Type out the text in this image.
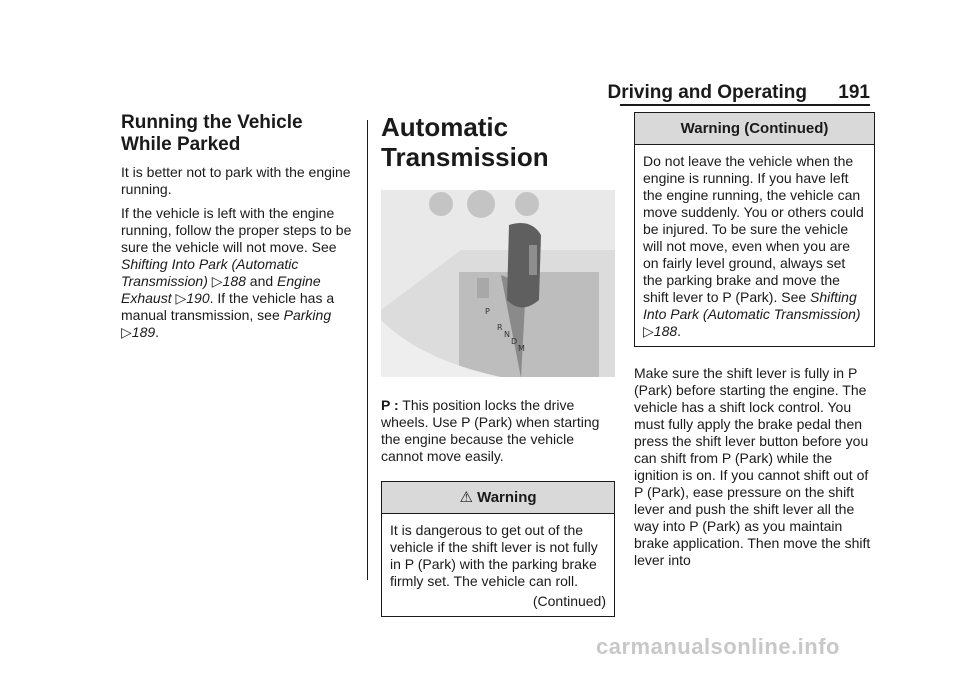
Driving and Operating 191
Running the Vehicle While Parked

It is better not to park with the engine running.

If the vehicle is left with the engine running, follow the proper steps to be sure the vehicle will not move. See Shifting Into Park (Automatic Transmission) ▷188 and Engine Exhaust ▷190. If the vehicle has a manual transmission, see Parking ▷189.

Automatic Transmission
P
R
N
D
M

P : This position locks the drive wheels. Use P (Park) when starting the engine because the vehicle cannot move easily.

⚠︎ Warning

It is dangerous to get out of the vehicle if the shift lever is not fully in P (Park) with the parking brake firmly set. The vehicle can roll.

(Continued)
Warning (Continued)

Do not leave the vehicle when the engine is running. If you have left the engine running, the vehicle can move suddenly. You or others could be injured. To be sure the vehicle will not move, even when you are on fairly level ground, always set the parking brake and move the shift lever to P (Park). See Shifting Into Park (Automatic Transmission) ▷188.

Make sure the shift lever is fully in P (Park) before starting the engine. The vehicle has a shift lock control. You must fully apply the brake pedal then press the shift lever button before you can shift from P (Park) while the ignition is on. If you cannot shift out of P (Park), ease pressure on the shift lever and push the shift lever all the way into P (Park) as you maintain brake application. Then move the shift lever into

carmanualsonline.info
